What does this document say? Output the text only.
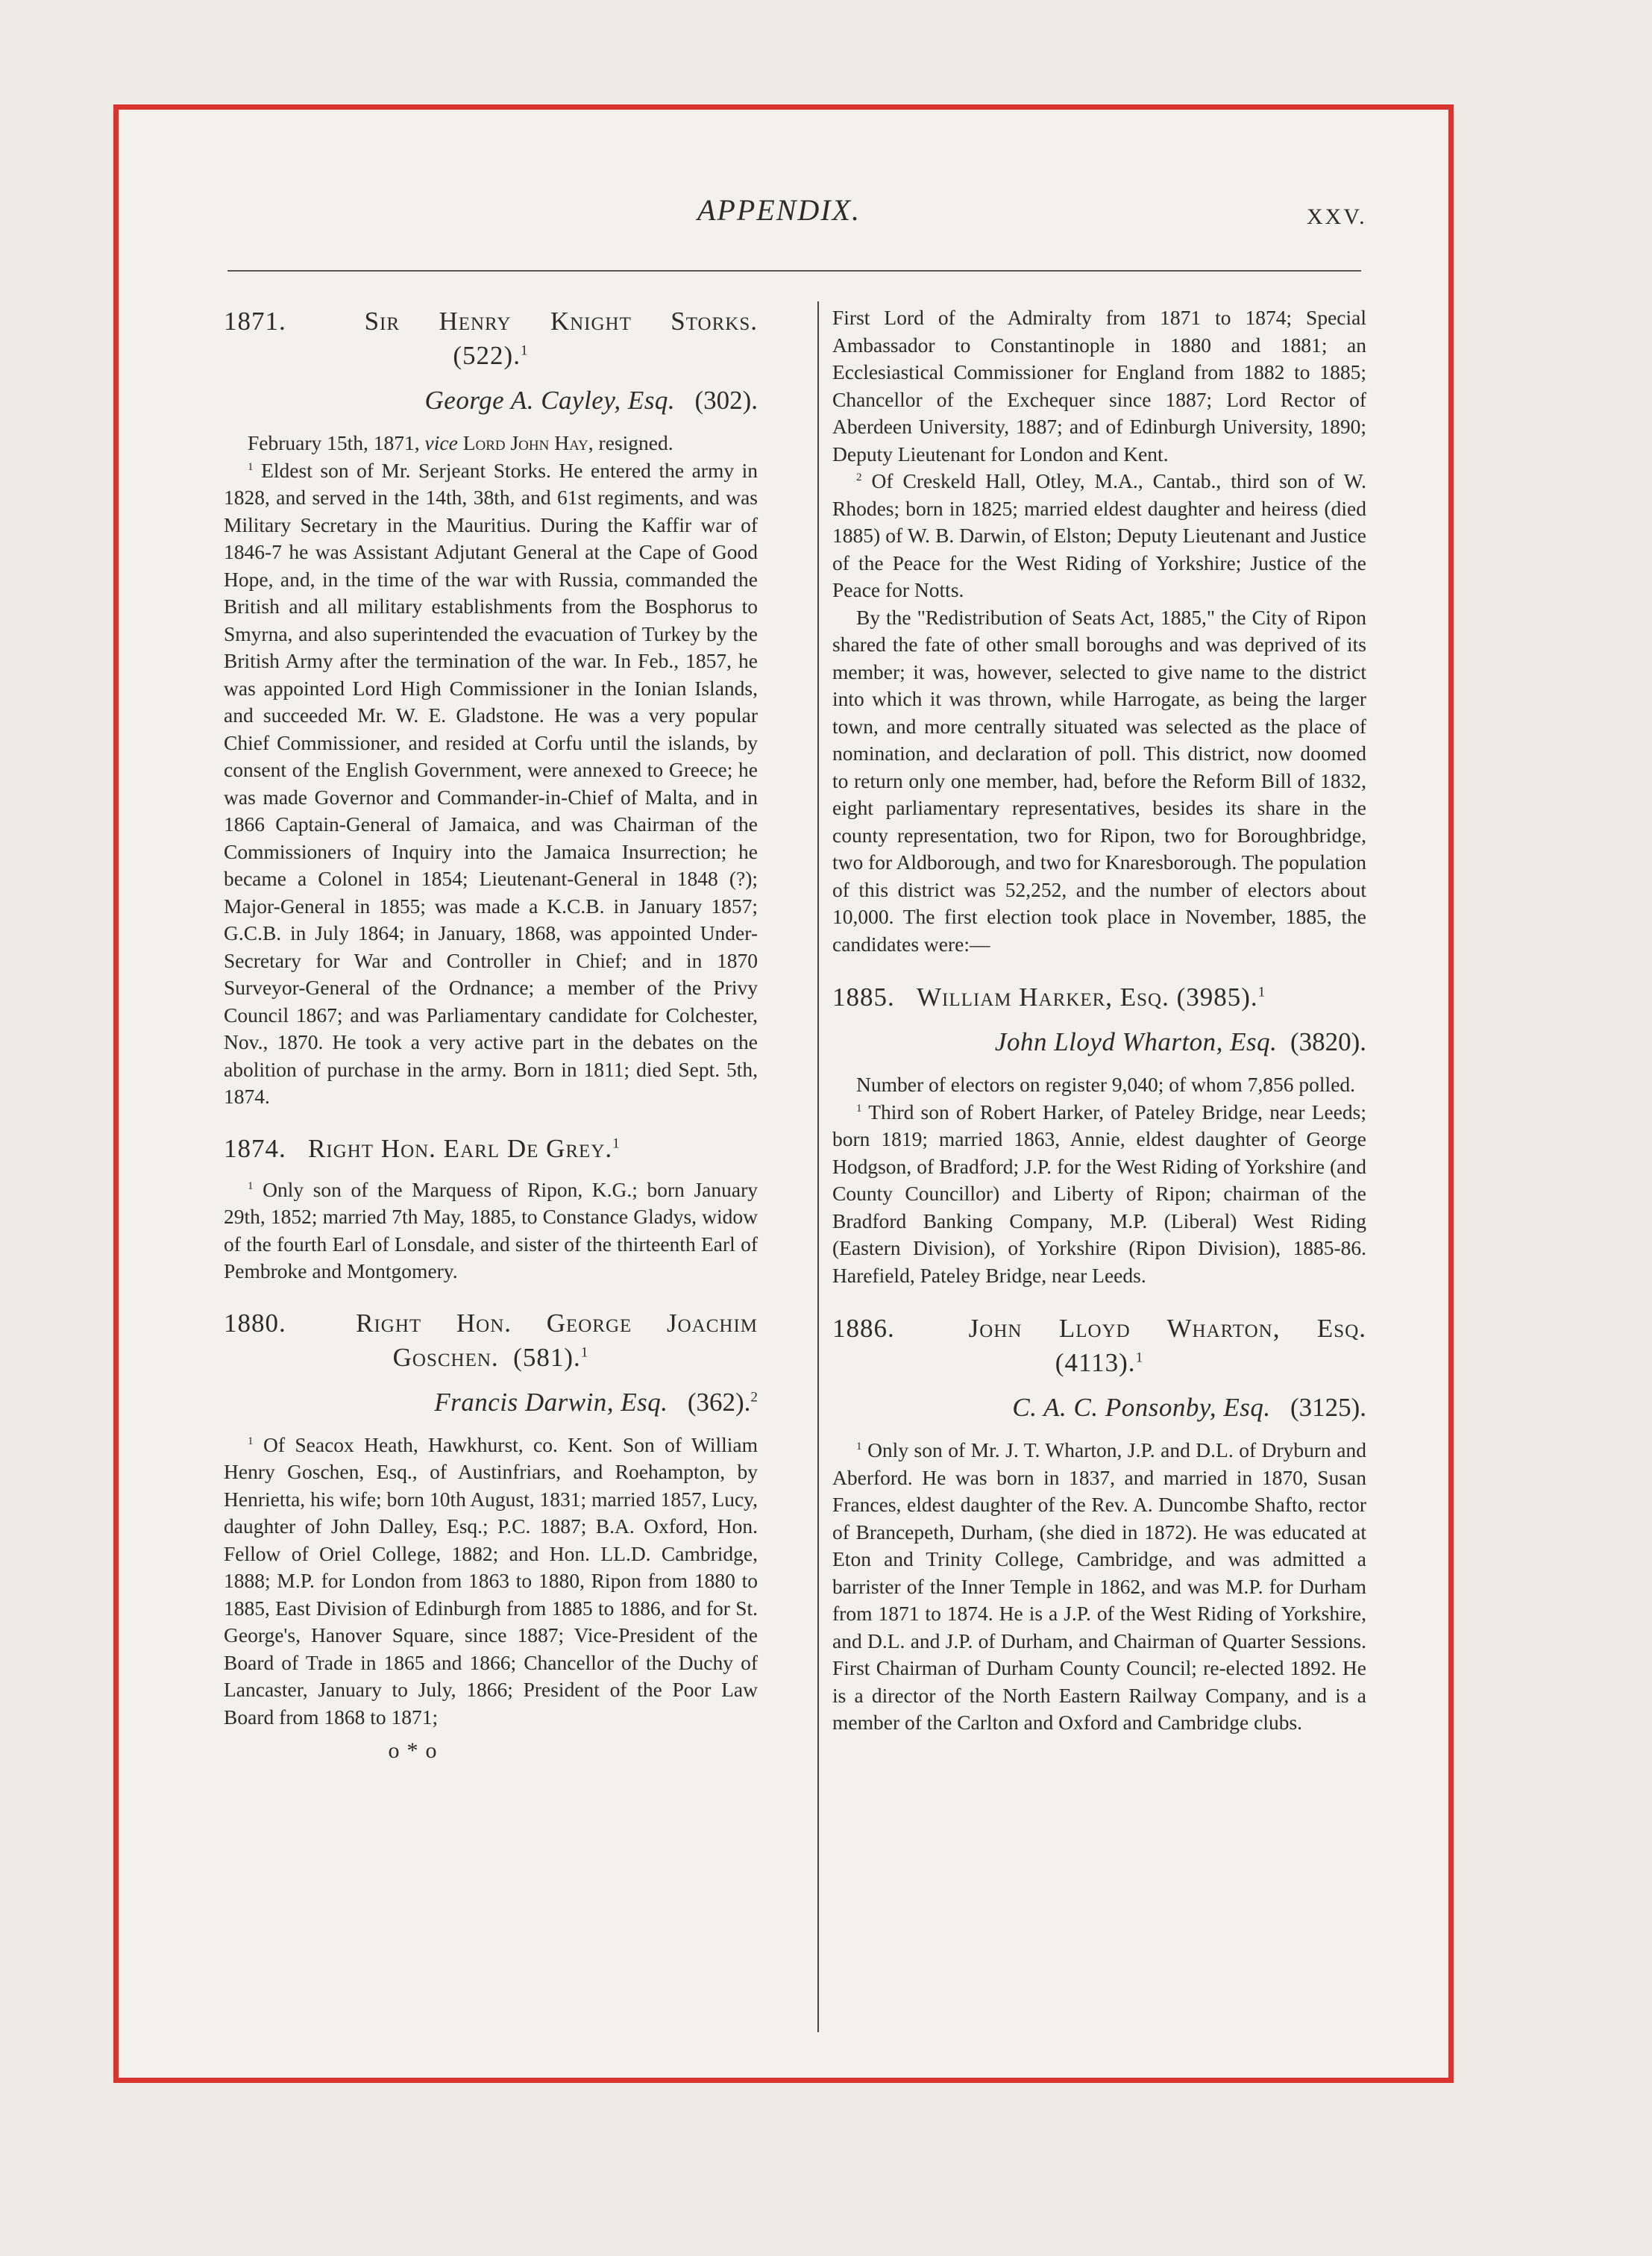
APPENDIX.	XXV.

1871.	Sir Henry Knight Storks.

(522).$^1$

George A. Cayley, Esq. (302).

February 15th, 1871, vice Lord John Hay, resigned.

$^1$ Eldest son of Mr. Serjeant Storks. He entered the army in 1828, and served in the 14th, 38th, and 61st regiments, and was Military Secretary in the Mauritius. During the Kaffir war of 1846-7 he was Assistant Adjutant General at the Cape of Good Hope, and, in the time of the war with Russia, commanded the British and all military establishments from the Bosphorus to Smyrna, and also superintended the evacuation of Turkey by the British Army after the termination of the war. In Feb., 1857, he was appointed Lord High Commissioner in the Ionian Islands, and succeeded Mr. W. E. Gladstone. He was a very popular Chief Commissioner, and resided at Corfu until the islands, by consent of the English Government, were annexed to Greece; he was made Governor and Commander-in-Chief of Malta, and in 1866 Captain-General of Jamaica, and was Chairman of the Commissioners of Inquiry into the Jamaica Insurrection; he became a Colonel in 1854; Lieutenant-General in 1848 (?); Major-General in 1855; was made a K.C.B. in January 1857; G.C.B. in July 1864; in January, 1868, was appointed Under-Secretary for War and Controller in Chief; and in 1870 Surveyor-General of the Ordnance; a member of the Privy Council 1867; and was Parliamentary candidate for Colchester, Nov., 1870. He took a very active part in the debates on the abolition of purchase in the army. Born in 1811; died Sept. 5th, 1874.

1874. Right Hon. Earl De Grey.$^1$

$^1$ Only son of the Marquess of Ripon, K.G.; born January 29th, 1852; married 7th May, 1885, to Constance Gladys, widow of the fourth Earl of Lonsdale, and sister of the thirteenth Earl of Pembroke and Montgomery.

1880.	Right Hon. George Joachim

Goschen. (581).$^1$

Francis Darwin, Esq. (362).$^2$

$^1$ Of Seacox Heath, Hawkhurst, co. Kent. Son of William Henry Goschen, Esq., of Austinfriars, and Roehampton, by Henrietta, his wife; born 10th August, 1831; married 1857, Lucy, daughter of John Dalley, Esq.; P.C. 1887; B.A. Oxford, Hon. Fellow of Oriel College, 1882; and Hon. LL.D. Cambridge, 1888; M.P. for London from 1863 to 1880, Ripon from 1880 to 1885, East Division of Edinburgh from 1885 to 1886, and for St. George's, Hanover Square, since 1887; Vice-President of the Board of Trade in 1865 and 1866; Chancellor of the Duchy of Lancaster, January to July, 1866; President of the Poor Law Board from 1868 to 1871;

o*o

First Lord of the Admiralty from 1871 to 1874; Special Ambassador to Constantinople in 1880 and 1881; an Ecclesiastical Commissioner for England from 1882 to 1885; Chancellor of the Exchequer since 1887; Lord Rector of Aberdeen University, 1887; and of Edinburgh University, 1890; Deputy Lieutenant for London and Kent.

$^2$ Of Creskeld Hall, Otley, M.A., Cantab., third son of W. Rhodes; born in 1825; married eldest daughter and heiress (died 1885) of W. B. Darwin, of Elston; Deputy Lieutenant and Justice of the Peace for the West Riding of Yorkshire; Justice of the Peace for Notts.

By the "Redistribution of Seats Act, 1885," the City of Ripon shared the fate of other small boroughs and was deprived of its member; it was, however, selected to give name to the district into which it was thrown, while Harrogate, as being the larger town, and more centrally situated was selected as the place of nomination, and declaration of poll. This district, now doomed to return only one member, had, before the Reform Bill of 1832, eight parliamentary representatives, besides its share in the county representation, two for Ripon, two for Boroughbridge, two for Aldborough, and two for Knaresborough. The population of this district was 52,252, and the number of electors about 10,000. The first election took place in November, 1885, the candidates were:—

1885. William Harker, Esq. (3985).$^1$

John Lloyd Wharton, Esq. (3820).

Number of electors on register 9,040; of whom 7,856 polled.

$^1$ Third son of Robert Harker, of Pateley Bridge, near Leeds; born 1819; married 1863, Annie, eldest daughter of George Hodgson, of Bradford; J.P. for the West Riding of Yorkshire (and County Councillor) and Liberty of Ripon; chairman of the Bradford Banking Company, M.P. (Liberal) West Riding (Eastern Division), of Yorkshire (Ripon Division), 1885-86. Harefield, Pateley Bridge, near Leeds.

1886.	John Lloyd Wharton, Esq.

(4113).$^1$

C. A. C. Ponsonby, Esq. (3125).

$^1$ Only son of Mr. J. T. Wharton, J.P. and D.L. of Dryburn and Aberford. He was born in 1837, and married in 1870, Susan Frances, eldest daughter of the Rev. A. Duncombe Shafto, rector of Brancepeth, Durham, (she died in 1872). He was educated at Eton and Trinity College, Cambridge, and was admitted a barrister of the Inner Temple in 1862, and was M.P. for Durham from 1871 to 1874. He is a J.P. of the West Riding of Yorkshire, and D.L. and J.P. of Durham, and Chairman of Quarter Sessions. First Chairman of Durham County Council; re-elected 1892. He is a director of the North Eastern Railway Company, and is a member of the Carlton and Oxford and Cambridge clubs.
